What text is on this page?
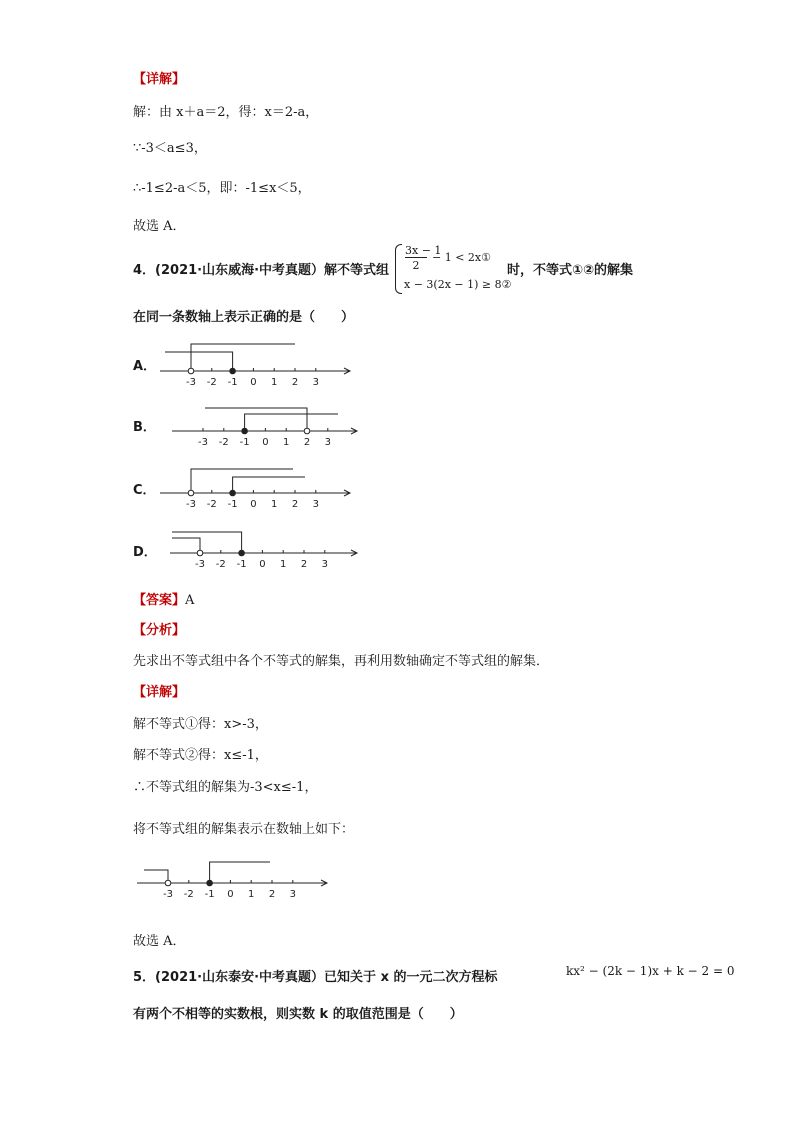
【详解】
解：由 x＋a＝2，得：x＝2-a，
∵-3＜a≤3，
∴-1≤2-a＜5，即：-1≤x＜5，
故选 A．
4．(2021·山东威海·中考真题）解不等式组
3x − 1
2
− 1 < 2x①
x − 3(2x − 1) ≥ 8②
时，不等式①②的解集
在同一条数轴上表示正确的是（　　）
A．
B．
C．
D．
-3 -2 -1 0 1 2 3
-3 -2 -1 0 1 2 3
-3 -2 -1 0 1 2 3
-3 -2 -1 0 1 2 3
-3 -2 -1 0 1 2 3
【答案】A
【分析】
先求出不等式组中各个不等式的解集，再利用数轴确定不等式组的解集．
【详解】
解不等式①得：x>-3，
解不等式②得：x≤-1，
∴不等式组的解集为-3<x≤-1，
将不等式组的解集表示在数轴上如下：
故选 A．
5．(2021·山东泰安·中考真题）已知关于 x 的一元二次方程标	kx² − (2k − 1)x + k − 2 = 0
有两个不相等的实数根，则实数 k 的取值范围是（　　）
